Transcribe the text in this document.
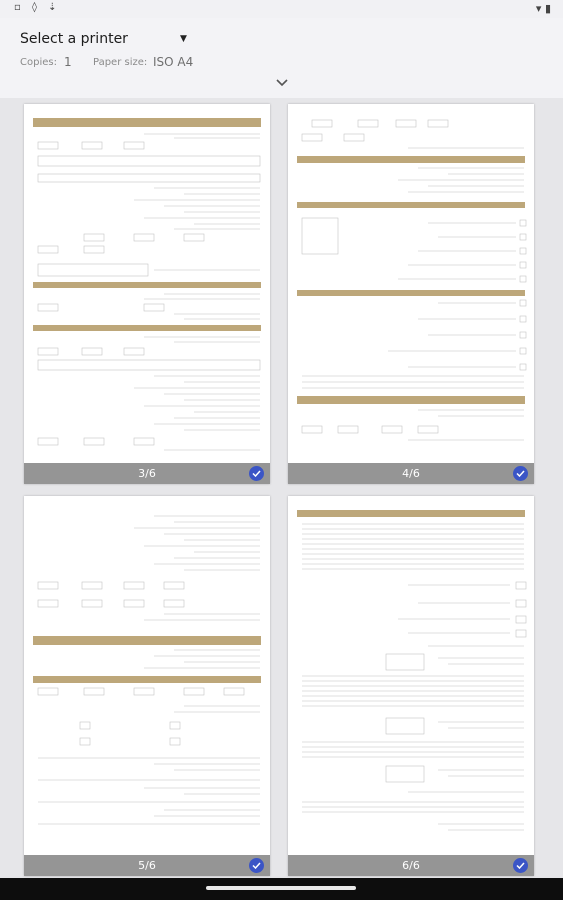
▫ ◊ ⇣	▾ ▮
Select a printer	▼
Copies: 1 Paper size: ISO A4
3/6	4/6
5/6	6/6
